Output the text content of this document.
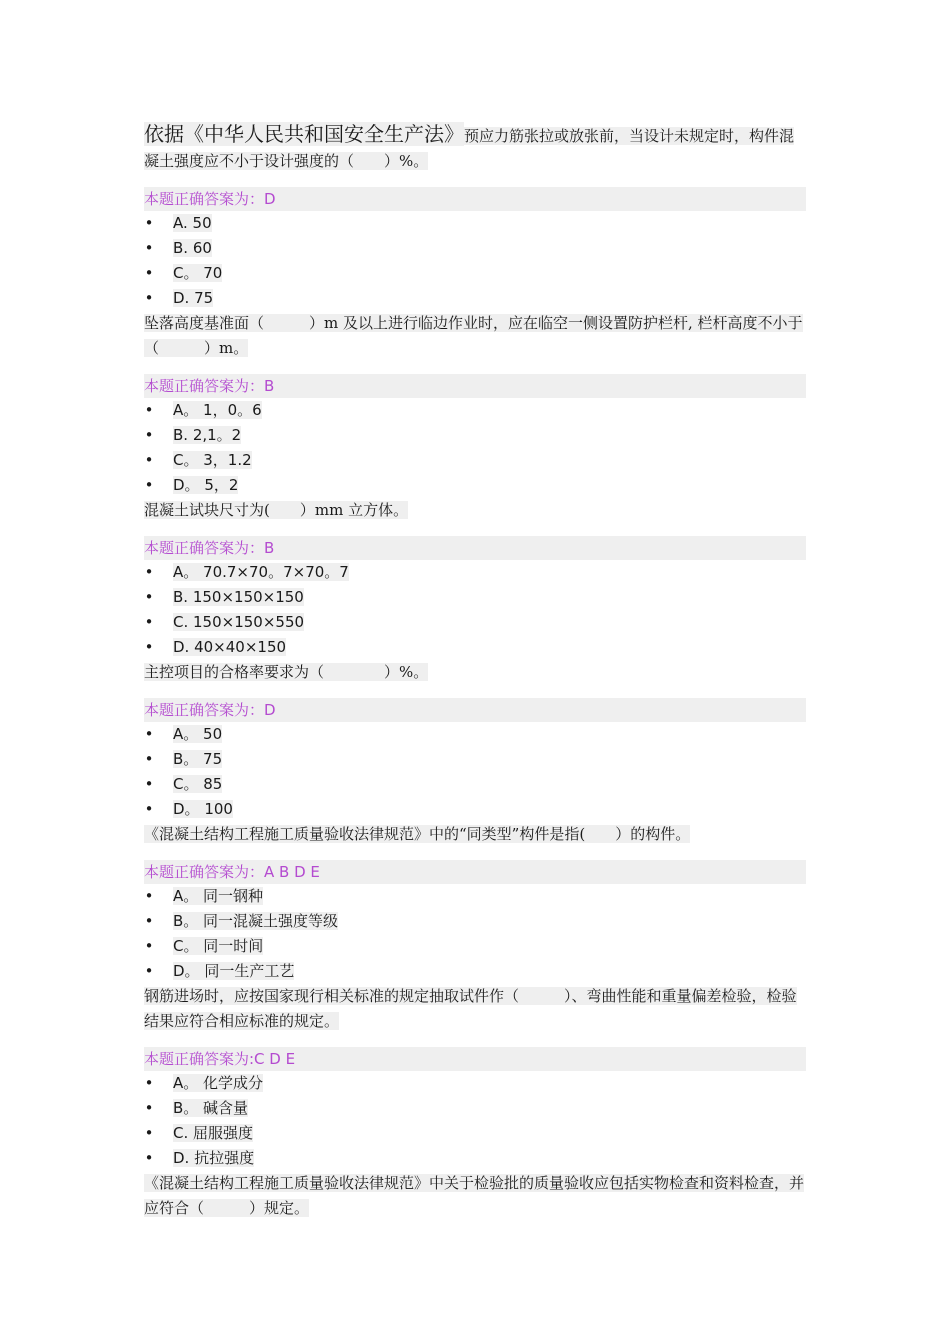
依据《中华人民共和国安全生产法》预应力筋张拉或放张前，当设计未规定时，构件混凝土强度应不小于设计强度的（　　）%。

本题正确答案为：D
• A. 50
• B. 60
• C。 70
• D. 75

坠落高度基准面（　　　）m 及以上进行临边作业时，应在临空一侧设置防护栏杆, 栏杆高度不小于（　　　）m。

本题正确答案为：B
• A。 1，0。6
• B. 2,1。2
• C。 3，1.2
• D。 5，2

混凝土试块尺寸为(　　）mm 立方体。

本题正确答案为：B
• A。 70.7×70。7×70。7
• B. 150×150×150
• C. 150×150×550
• D. 40×40×150

主控项目的合格率要求为（　　　　）%。

本题正确答案为：D
• A。 50
• B。 75
• C。 85
• D。 100

《混凝土结构工程施工质量验收法律规范》中的“同类型”构件是指(　　）的构件。

本题正确答案为：A B D E
• A。 同一钢种
• B。 同一混凝土强度等级
• C。 同一时间
• D。 同一生产工艺

钢筋进场时，应按国家现行相关标准的规定抽取试件作（　　　）、弯曲性能和重量偏差检验，检验结果应符合相应标准的规定。

本题正确答案为:C D E
• A。 化学成分
• B。 碱含量
• C. 屈服强度
• D. 抗拉强度

《混凝土结构工程施工质量验收法律规范》中关于检验批的质量验收应包括实物检查和资料检查，并应符合（　　　）规定。
